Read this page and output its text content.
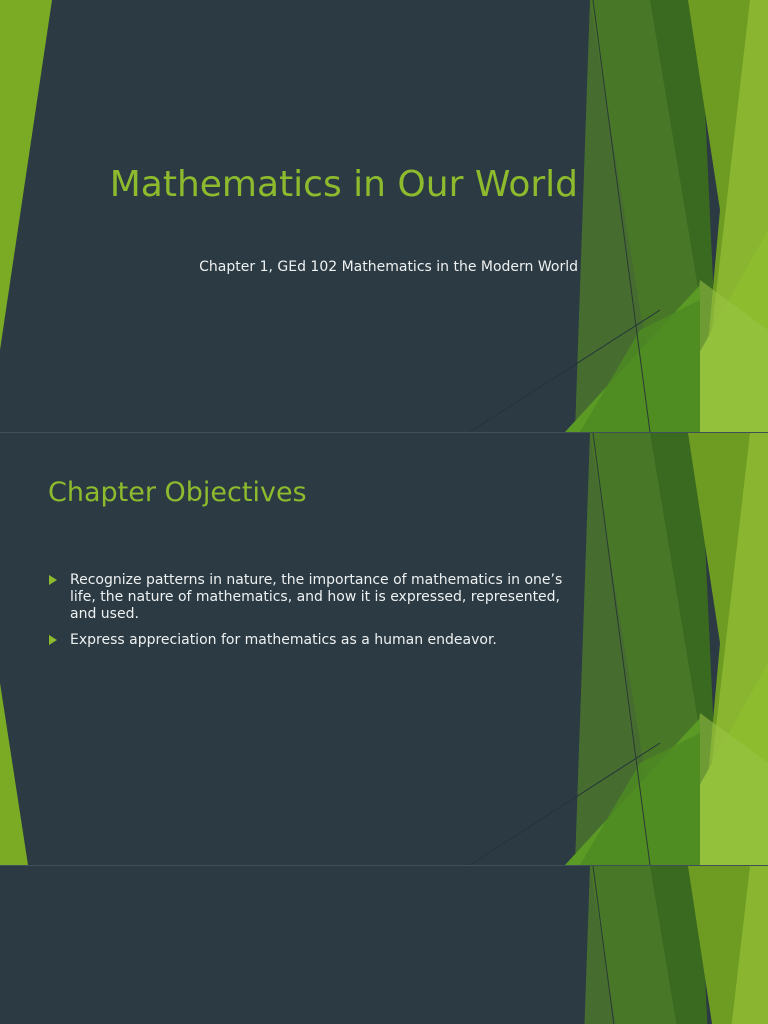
Mathematics in Our World

Chapter 1, GEd 102 Mathematics in the Modern World

Chapter Objectives
Recognize patterns in nature, the importance of mathematics in one’s life, the nature of mathematics, and how it is expressed, represented, and used.
Express appreciation for mathematics as a human endeavor.
